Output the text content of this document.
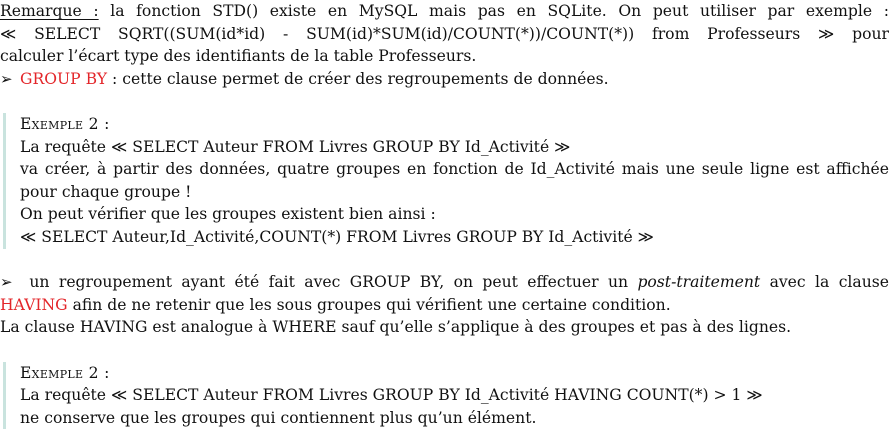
Remarque : la fonction STD() existe en MySQL mais pas en SQLite. On peut utiliser par exemple :
≪ SELECT SQRT((SUM(id*id) - SUM(id)*SUM(id)/COUNT(*))/COUNT(*)) from Professeurs ≫ pour
calculer l’écart type des identifiants de la table Professeurs.
➢ GROUP BY : cette clause permet de créer des regroupements de données.
Exemple 2 :
La requête ≪ SELECT Auteur FROM Livres GROUP BY Id_Activité ≫
va créer, à partir des données, quatre groupes en fonction de Id_Activité mais une seule ligne est affichée
pour chaque groupe !
On peut vérifier que les groupes existent bien ainsi :
≪ SELECT Auteur,Id_Activité,COUNT(*) FROM Livres GROUP BY Id_Activité ≫
➢ un regroupement ayant été fait avec GROUP BY, on peut effectuer un post-traitement avec la clause
HAVING afin de ne retenir que les sous groupes qui vérifient une certaine condition.
La clause HAVING est analogue à WHERE sauf qu’elle s’applique à des groupes et pas à des lignes.
Exemple 2 :
La requête ≪ SELECT Auteur FROM Livres GROUP BY Id_Activité HAVING COUNT(*) > 1 ≫
ne conserve que les groupes qui contiennent plus qu’un élément.
